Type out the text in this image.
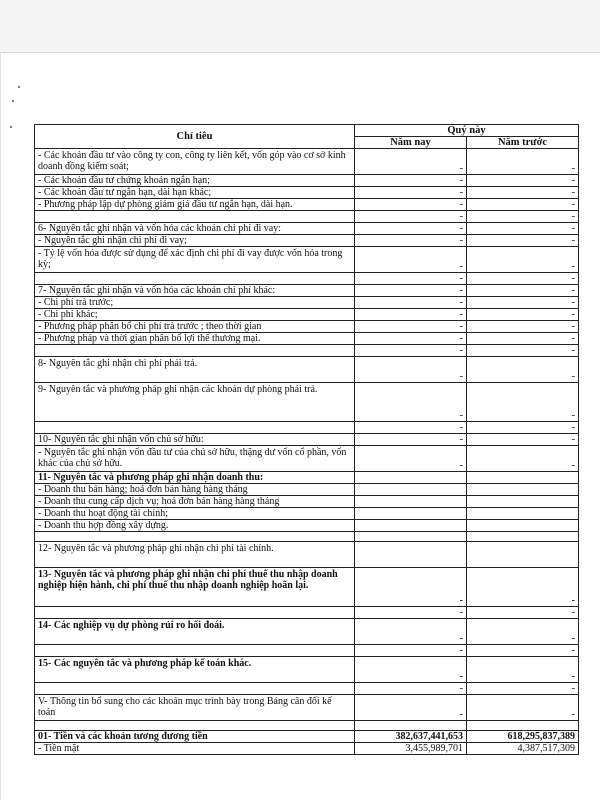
Chỉ tiêu	Quý này	
	Năm nay	Năm trước
- Các khoản đầu tư vào công ty con, công ty liên kết, vốn góp vào cơ sở kinh doanh đồng kiểm soát;	-	-
- Các khoản đầu tư chứng khoán ngắn hạn;	-	-
- Các khoản đầu tư ngắn hạn, dài hạn khác;	-	-
- Phương pháp lập dự phòng giảm giá đầu tư ngắn hạn, dài hạn.	-	-
	-	-
6- Nguyên tắc ghi nhận và vốn hóa các khoản chi phí đi vay:	-	-
- Nguyên tắc ghi nhận chi phí đi vay;	-	-
- Tỷ lệ vốn hóa được sử dụng để xác định chi phí đi vay được vốn hóa trong kỳ;	-	-
	-	-
7- Nguyên tắc ghi nhận và vốn hóa các khoản chi phí khác:	-	-
- Chi phí trả trước;	-	-
- Chi phí khác;	-	-
- Phương pháp phân bổ chi phí trả trước ; theo thời gian	-	-
- Phương pháp và thời gian phân bổ lợi thế thương mại.	-	-
	-	-
8- Nguyên tắc ghi nhận chi phí phải trả.	-	-
9- Nguyên tắc và phương pháp ghi nhận các khoản dự phòng phải trả.	-	-
	-	-
10- Nguyên tắc ghi nhận vốn chủ sở hữu:	-	-
- Nguyên tắc ghi nhận vốn đầu tư của chủ sở hữu, thặng dư vốn cổ phần, vốn khác của chủ sở hữu.	-	-
11- Nguyên tắc và phương pháp ghi nhận doanh thu:		
- Doanh thu bán hàng; hoá đơn bán hàng hàng tháng		
- Doanh thu cung cấp dịch vụ; hoá đơn bán hàng hàng tháng		
- Doanh thu hoạt động tài chính;		
- Doanh thu hợp đồng xây dựng.		

12- Nguyên tắc và phương pháp ghi nhận chi phí tài chính.		
13- Nguyên tắc và phương pháp ghi nhận chi phí thuế thu nhập doanh nghiệp hiện hành, chi phí thuế thu nhập doanh nghiệp hoãn lại.	-	-
	-	-
14- Các nghiệp vụ dự phòng rủi ro hối đoái.	-	-
	-	-
15- Các nguyên tắc và phương pháp kế toán khác.	-	-
	-	-
V- Thông tin bổ sung cho các khoản mục trình bày trong Bảng cân đối kế toán	-	-

01- Tiền và các khoản tương đương tiền	382,637,441,653	618,295,837,389
- Tiền mặt	3,455,989,701	4,387,517,309
